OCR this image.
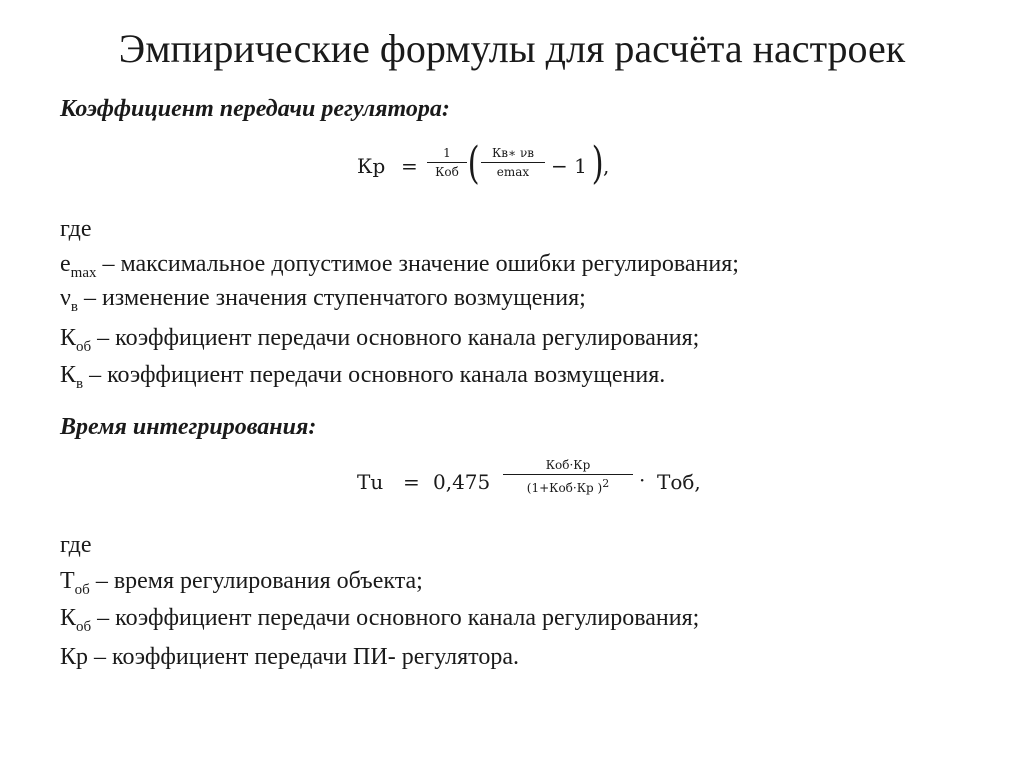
Эмпирические формулы для расчёта настроек
Коэффициент передачи регулятора:
Кр =
1
Коб (	Кв∗ νв
emax	− 1 ) ,
где
$e_{max}$ – максимальное допустимое значение ошибки регулирования;
$\nu_в$ – изменение значения ступенчатого возмущения;
$К_{об}$ – коэффициент передачи основного канала регулирования;
$К_в$ – коэффициент передачи основного канала возмущения.
Время интегрирования:
Tu = 0,475
Коб·Кр
(1+Коб·Кр )$^2$	· Тоб,
где
$Т_{об}$ – время регулирования объекта;
$К_{об}$ – коэффициент передачи основного канала регулирования;
Кр – коэффициент передачи ПИ- регулятора.
